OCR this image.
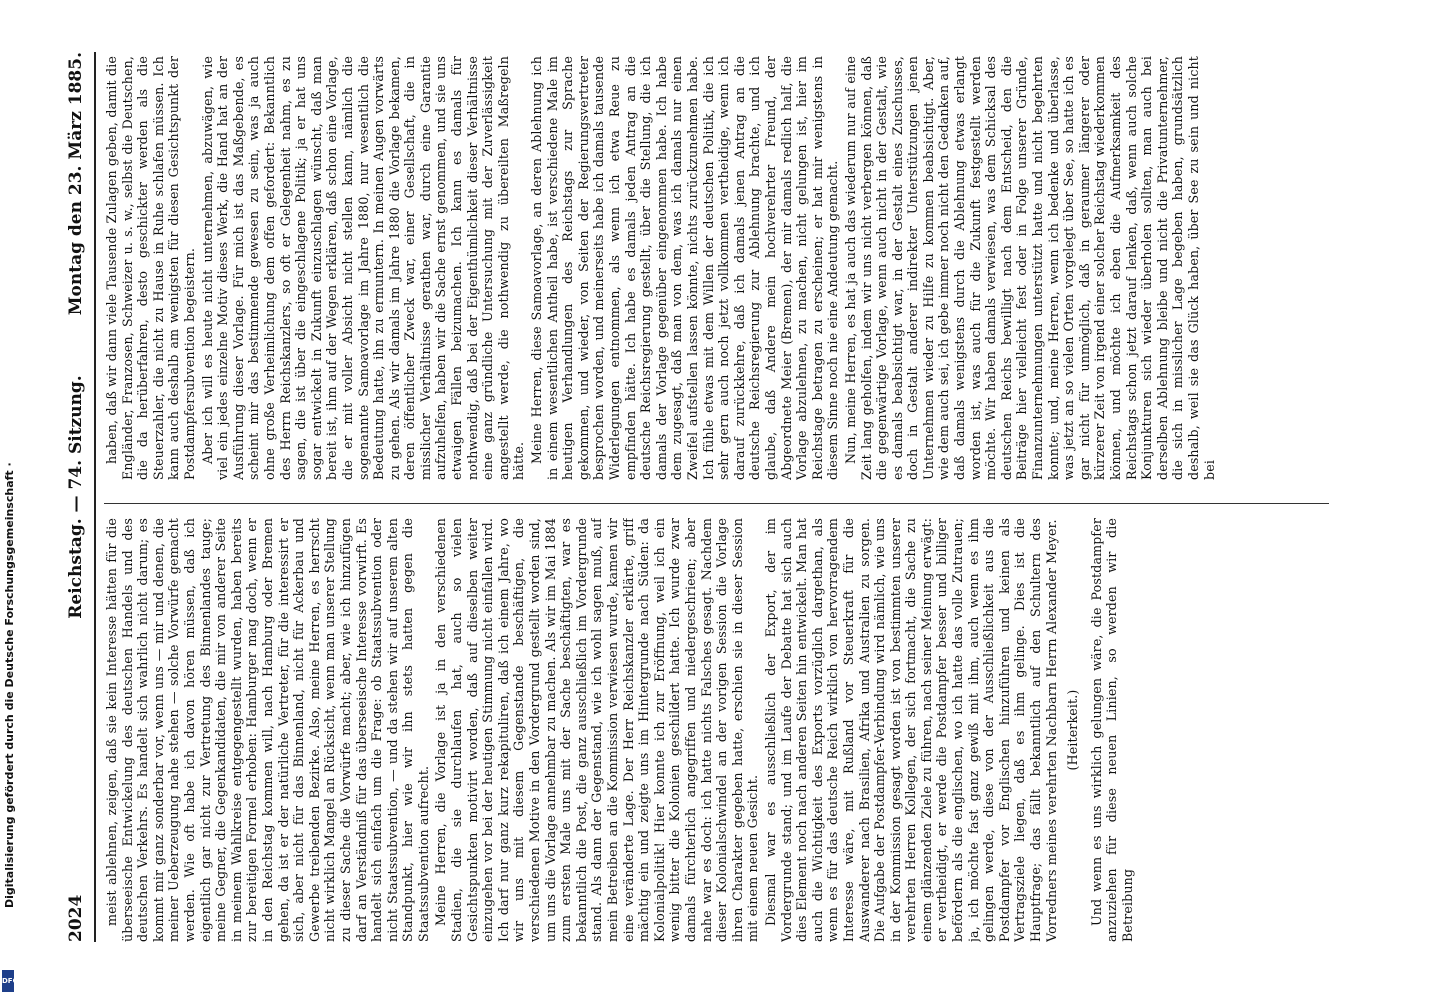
2024
Reichstag. — 74. Sitzung.
Montag den 23. März 1885.

meist ablehnen, zeigen, daß sie kein Interesse hätten für die überseeische Entwickelung des deutschen Handels und des deutschen Verkehrs. Es handelt sich wahrlich nicht darum; es kommt mir ganz sonderbar vor, wenn uns — mir und denen, die meiner Ueberzeugung nahe stehen — solche Vorwürfe gemacht werden. Wie oft habe ich davon hören müssen, daß ich eigentlich gar nicht zur Vertretung des Binnenlandes tauge; meine Gegner, die Gegenkandidaten, die mir von anderer Seite in meinem Wahlkreise entgegengestellt wurden, haben bereits zur bereitigen Formel erhoben: Hamburger mag doch, wenn er in den Reichstag kommen will, nach Hamburg oder Bremen gehen, da ist er der natürliche Vertreter, für die interessirt er sich, aber nicht für das Binnenland, nicht für Ackerbau und Gewerbe treibenden Bezirke. Also, meine Herren, es herrscht nicht wirklich Mangel an Rücksicht, wenn man unserer Stellung zu dieser Sache die Vorwürfe macht; aber, wie ich hinzufügen darf an Verständniß für das überseeische Interesse vorwirft. Es handelt sich einfach um die Frage: ob Staatssubvention oder nicht Staatssubvention, — und da stehen wir auf unserem alten Standpunkt, hier wie wir ihn stets hatten gegen die Staatssubvention aufrecht. Meine Herren, die Vorlage ist ja in den verschiedenen Stadien, die sie durchlaufen hat, auch so vielen Gesichtspunkten motivirt worden, daß auf dieselben weiter einzugehen vor bei der heutigen Stimmung nicht einfallen wird. Ich darf nur ganz kurz rekapituliren, daß ich einem Jahre, wo wir uns mit diesem Gegenstande beschäftigen, die verschiedenen Motive in den Vordergrund gestellt worden sind, um uns die Vorlage annehmbar zu machen. Als wir im Mai 1884 zum ersten Male uns mit der Sache beschäftigten, war es bekanntlich die Post, die ganz ausschließlich im Vordergrunde stand. Als dann der Gegenstand, wie ich wohl sagen muß, auf mein Betreiben an die Kommission verwiesen wurde, kamen wir eine veränderte Lage. Der Herr Reichskanzler erklärte, griff mächtig ein und zeigte uns im Hintergrunde nach Süden: da Kolonialpolitik! Hier konnte ich zur Eröffnung, weil ich ein wenig bitter die Kolonien geschildert hatte. Ich wurde zwar damals fürchterlich angegriffen und niedergeschrieen; aber nahe war es doch: ich hatte nichts Falsches gesagt. Nachdem dieser Kolonialschwindel an der vorigen Session die Vorlage ihren Charakter gegeben hatte, erschien sie in dieser Session mit einem neuen Gesicht. Diesmal war es ausschließlich der Export, der im Vordergrunde stand; und im Laufe der Debatte hat sich auch dies Element noch nach anderen Seiten hin entwickelt. Man hat auch die Wichtigkeit des Exports vorzüglich dargethan, als wenn es für das deutsche Reich wirklich von hervorragendem Interesse wäre, mit Rußland vor Steuerkraft für die Auswanderer nach Brasilien, Afrika und Australien zu sorgen. Die Aufgabe der Postdampfer-Verbindung wird nämlich, wie uns in der Kommission gesagt worden ist von bestimmten unserer verehrten Herren Kollegen, der sich fortmacht, die Sache zu einem glänzenden Ziele zu führen, nach seiner Meinung erwägt: er vertheidigt, er werde die Postdampfer besser und billiger befördern als die englischen, wo ich hatte das volle Zutrauen; ja, ich möchte fast ganz gewiß mit ihm, auch wenn es ihm gelingen werde, diese von der Ausschließlichkeit aus die Postdampfer vor Englischen hinzuführen und keinen als Vertragsziele liegen, daß es ihm gelinge. Dies ist die Hauptfrage; das fällt bekanntlich auf den Schultern des Vorredners meines verehrten Nachbarn Herrn Alexander Meyer. (Heiterkeit.) Und wenn es uns wirklich gelungen wäre, die Postdampfer anzuziehen für diese neuen Linien, so werden wir die Betreibung

haben, daß wir dann viele Tausende Zulagen geben, damit die Engländer, Franzosen, Schweizer u. s. w., selbst die Deutschen, die da herüberfahren, desto geschickter werden als die Steuerzahler, die nicht zu Hause in Ruhe schlafen müssen. Ich kann auch deshalb am wenigsten für diesen Gesichtspunkt der Postdampfersubvention begeistern. Aber ich will es heute nicht unternehmen, abzuwägen, wie viel ein jedes einzelne Motiv dieses Werk, die Hand hat an der Ausführung dieser Vorlage. Für mich ist das Maßgebende, es scheint mir das bestimmende gewesen zu sein, was ja auch ohne große Verheimlichung dem offen gefordert: Bekanntlich des Herrn Reichskanzlers, so oft er Gelegenheit nahm, es zu sagen, die ist über die eingeschlagene Politik; ja er hat uns sogar entwickelt in Zukunft einzuschlagen wünscht, daß man bereit ist, ihm auf der Wegen erklären, daß schon eine Vorlage, die er mit voller Absicht nicht stellen kann, nämlich die sogenannte Samoavorlage im Jahre 1880, nur wesentlich die Bedeutung hatte, ihn zu ermuntern. In meinen Augen vorwärts zu gehen. Als wir damals im Jahre 1880 die Vorlage bekamen, deren öffentlicher Zweck war, einer Gesellschaft, die in misslicher Verhältnisse gerathen war, durch eine Garantie aufzuhelfen, haben wir die Sache ernst genommen, und sie uns etwaigen Fällen beizumachen. Ich kann es damals für nothwendig, daß bei der Eigenthümlichkeit dieser Verhältnisse eine ganz gründliche Untersuchung mit der Zuverlässigkeit angestellt werde, die nothwendig zu übereilten Maßregeln hätte. Meine Herren, diese Samoavorlage, an deren Ablehnung ich in einem wesentlichen Antheil habe, ist verschiedene Male im heutigen Verhandlungen des Reichstags zur Sprache gekommen, und wieder, von Seiten der Regierungsvertreter besprochen worden, und meinerseits habe ich damals tausende Widerlegungen entnommen, als wenn ich etwa Reue zu empfinden hätte. Ich habe es damals jeden Antrag an die deutsche Reichsregierung gestellt, über die Stellung, die ich damals der Vorlage gegenüber eingenommen habe. Ich habe dem zugesagt, daß man von dem, was ich damals nur einen Zweifel aufstellen lassen könnte, nichts zurückzunehmen habe. Ich fühle etwas mit dem Willen der deutschen Politik, die ich sehr gern auch noch jetzt vollkommen vertheidige, wenn ich darauf zurückkehre, daß ich damals jenen Antrag an die deutsche Reichsregierung zur Ablehnung brachte, und ich glaube, daß Andere mein hochverehrter Freund, der Abgeordnete Meier (Bremen), der mir damals redlich half, die Vorlage abzulehnen, zu machen, nicht gelungen ist, hier im Reichstage betragen zu erscheinen; er hat mir wenigstens in diesem Sinne noch nie eine Andeutung gemacht. Nun, meine Herren, es hat ja auch das wiederum nur auf eine Zeit lang geholfen, indem wir uns nicht verbergen können, daß die gegenwärtige Vorlage, wenn auch nicht in der Gestalt, wie es damals beabsichtigt war, in der Gestalt eines Zuschusses, doch in Gestalt anderer indirekter Unterstützungen jenen Unternehmen wieder zu Hilfe zu kommen beabsichtigt. Aber, wie dem auch sei, ich gebe immer noch nicht den Gedanken auf, daß damals wenigstens durch die Ablehnung etwas erlangt worden ist, was auch für die Zukunft festgestellt werden möchte. Wir haben damals verwiesen, was dem Schicksal des deutschen Reichs bewilligt nach dem Entscheid, den die Beiträge hier vielleicht fest oder in Folge unserer Gründe, Finanzunternehmungen unterstützt hatte und nicht begehrten konnte; und, meine Herren, wenn ich bedenke und überlasse, was jetzt an so vielen Orten vorgelegt über See, so hatte ich es gar nicht für unmöglich, daß in geraumer längerer oder kürzerer Zeit von irgend einer solcher Reichstag wiederkommen können, und möchte ich eben die Aufmerksamkeit des Reichstags schon jetzt darauf lenken, daß, wenn auch solche Konjunkturen sich wieder überholen sollten, man auch bei derselben Ablehnung bleibe und nicht die Privatunternehmer, die sich in misslicher Lage begeben haben, grundsätzlich deshalb, weil sie das Glück haben, über See zu sein und nicht bei

Digitalisierung gefördert durch die Deutsche Forschungsgemeinschaft ·
DFG
